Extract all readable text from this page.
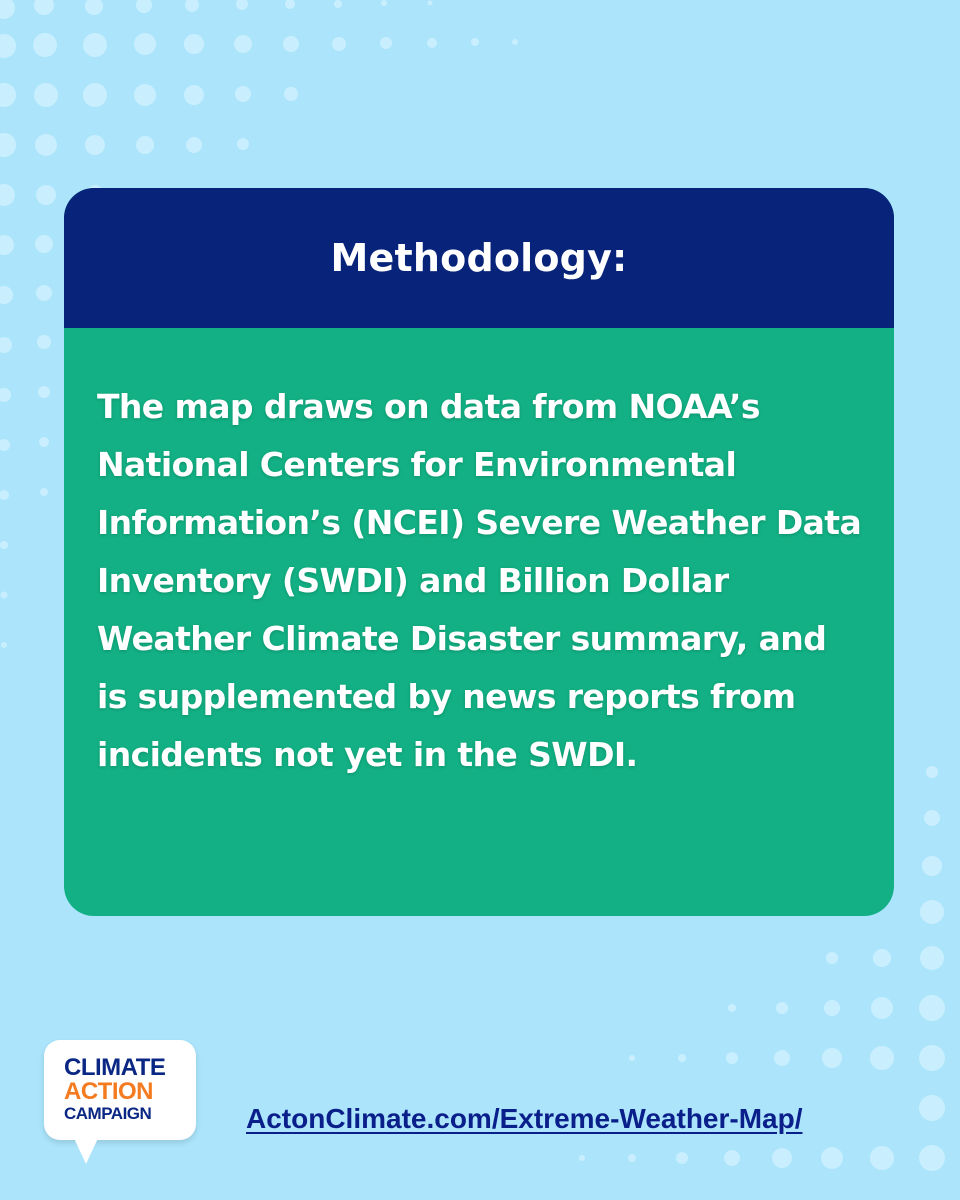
Methodology:
The map draws on data from NOAA’s National Centers for Environmental Information’s (NCEI) Severe Weather Data Inventory (SWDI) and Billion Dollar Weather Climate Disaster summary, and is supplemented by news reports from incidents not yet in the SWDI.
CLIMATE
ACTION
CAMPAIGN	ActonClimate.com/Extreme-Weather-Map/
